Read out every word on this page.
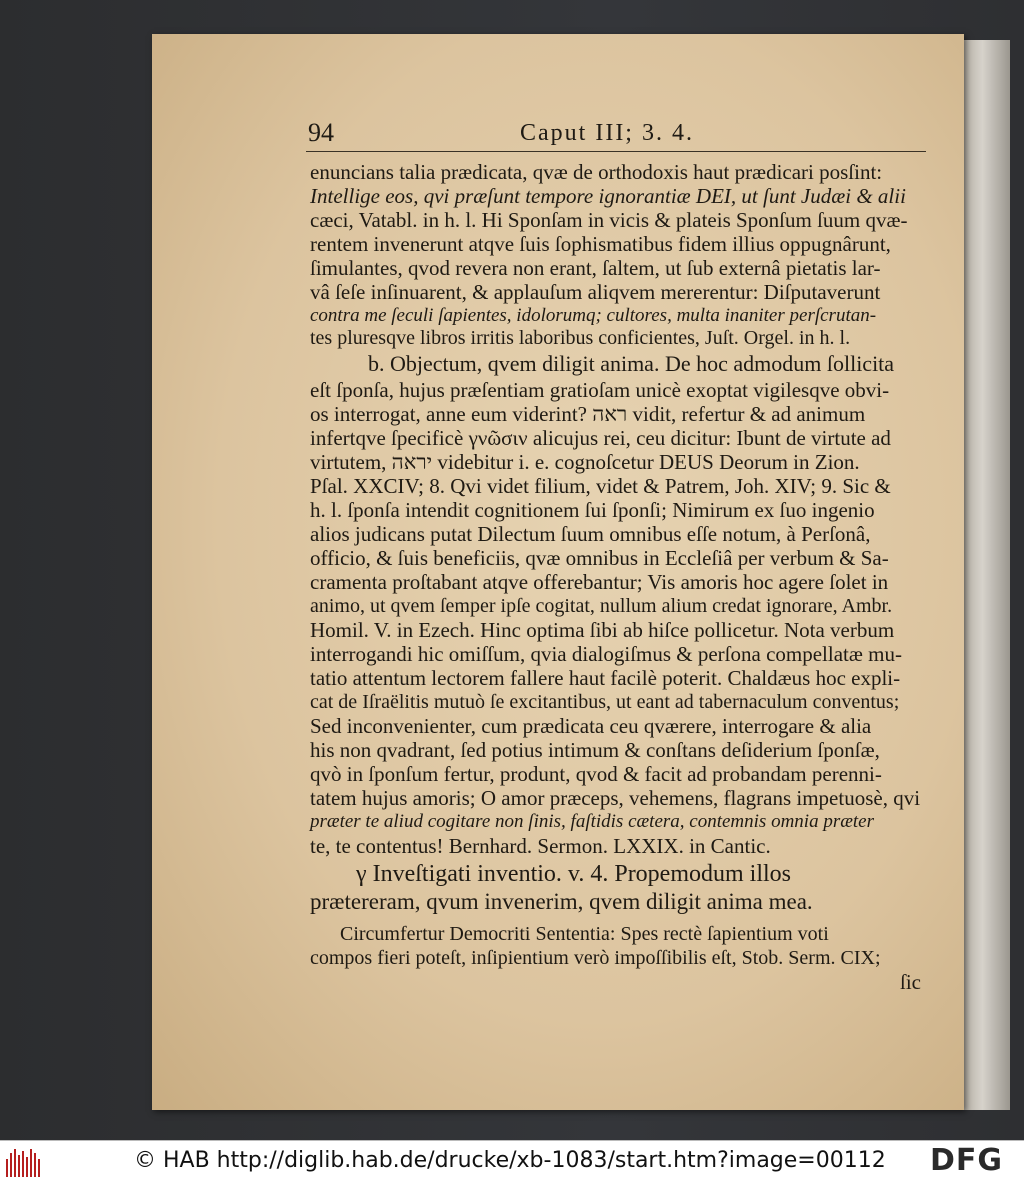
94	Caput III; 3. 4.
enuncians talia prædicata, qvæ de orthodoxis haut prædicari posſint:
Intellige eos, qvi præſunt tempore ignorantiæ DEI, ut ſunt Judæi & alii
cæci, Vatabl. in h. l. Hi Sponſam in vicis & plateis Sponſum ſuum qvæ-
rentem invenerunt atqve ſuis ſophismatibus fidem illius oppugnârunt,
ſimulantes, qvod revera non erant, ſaltem, ut ſub externâ pietatis lar-
vâ ſeſe inſinuarent, & applauſum aliqvem mererentur: Diſputaverunt
contra me ſeculi ſapientes, idolorumq; cultores, multa inaniter perſcrutan-
tes pluresqve libros irritis laboribus conficientes, Juſt. Orgel. in h. l.
b. Objectum, qvem diligit anima. De hoc admodum ſollicita
eſt ſponſa, hujus præſentiam gratioſam unicè exoptat vigilesqve obvi-
os interrogat, anne eum viderint? ראה vidit, refertur & ad animum
infertqve ſpecificè γνῶσιν alicujus rei, ceu dicitur: Ibunt de virtute ad
virtutem, יראה videbitur i. e. cognoſcetur DEUS Deorum in Zion.
Pſal. XXCIV; 8. Qvi videt filium, videt & Patrem, Joh. XIV; 9. Sic &
h. l. ſponſa intendit cognitionem ſui ſponſi; Nimirum ex ſuo ingenio
alios judicans putat Dilectum ſuum omnibus eſſe notum, à Perſonâ,
officio, & ſuis beneficiis, qvæ omnibus in Eccleſiâ per verbum & Sa-
cramenta proſtabant atqve offerebantur; Vis amoris hoc agere ſolet in
animo, ut qvem ſemper ipſe cogitat, nullum alium credat ignorare, Ambr.
Homil. V. in Ezech. Hinc optima ſibi ab hiſce pollicetur. Nota verbum
interrogandi hic omiſſum, qvia dialogiſmus & perſona compellatæ mu-
tatio attentum lectorem fallere haut facilè poterit. Chaldæus hoc expli-
cat de Iſraëlitis mutuò ſe excitantibus, ut eant ad tabernaculum conventus;
Sed inconvenienter, cum prædicata ceu qværere, interrogare & alia
his non qvadrant, ſed potius intimum & conſtans deſiderium ſponſæ,
qvò in ſponſum fertur, produnt, qvod & facit ad probandam perenni-
tatem hujus amoris; O amor præceps, vehemens, flagrans impetuosè, qvi
præter te aliud cogitare non ſinis, faſtidis cætera, contemnis omnia præter
te, te contentus! Bernhard. Sermon. LXXIX. in Cantic.
γ Inveſtigati inventio. v. 4. Propemodum illos
prætereram, qvum invenerim, qvem diligit anima mea.
Circumfertur Democriti Sententia: Spes rectè ſapientium voti
compos fieri poteſt, inſipientium verò impoſſibilis eſt, Stob. Serm. CIX;
ſic
© HAB http://diglib.hab.de/drucke/xb-1083/start.htm?image=00112 DFG
